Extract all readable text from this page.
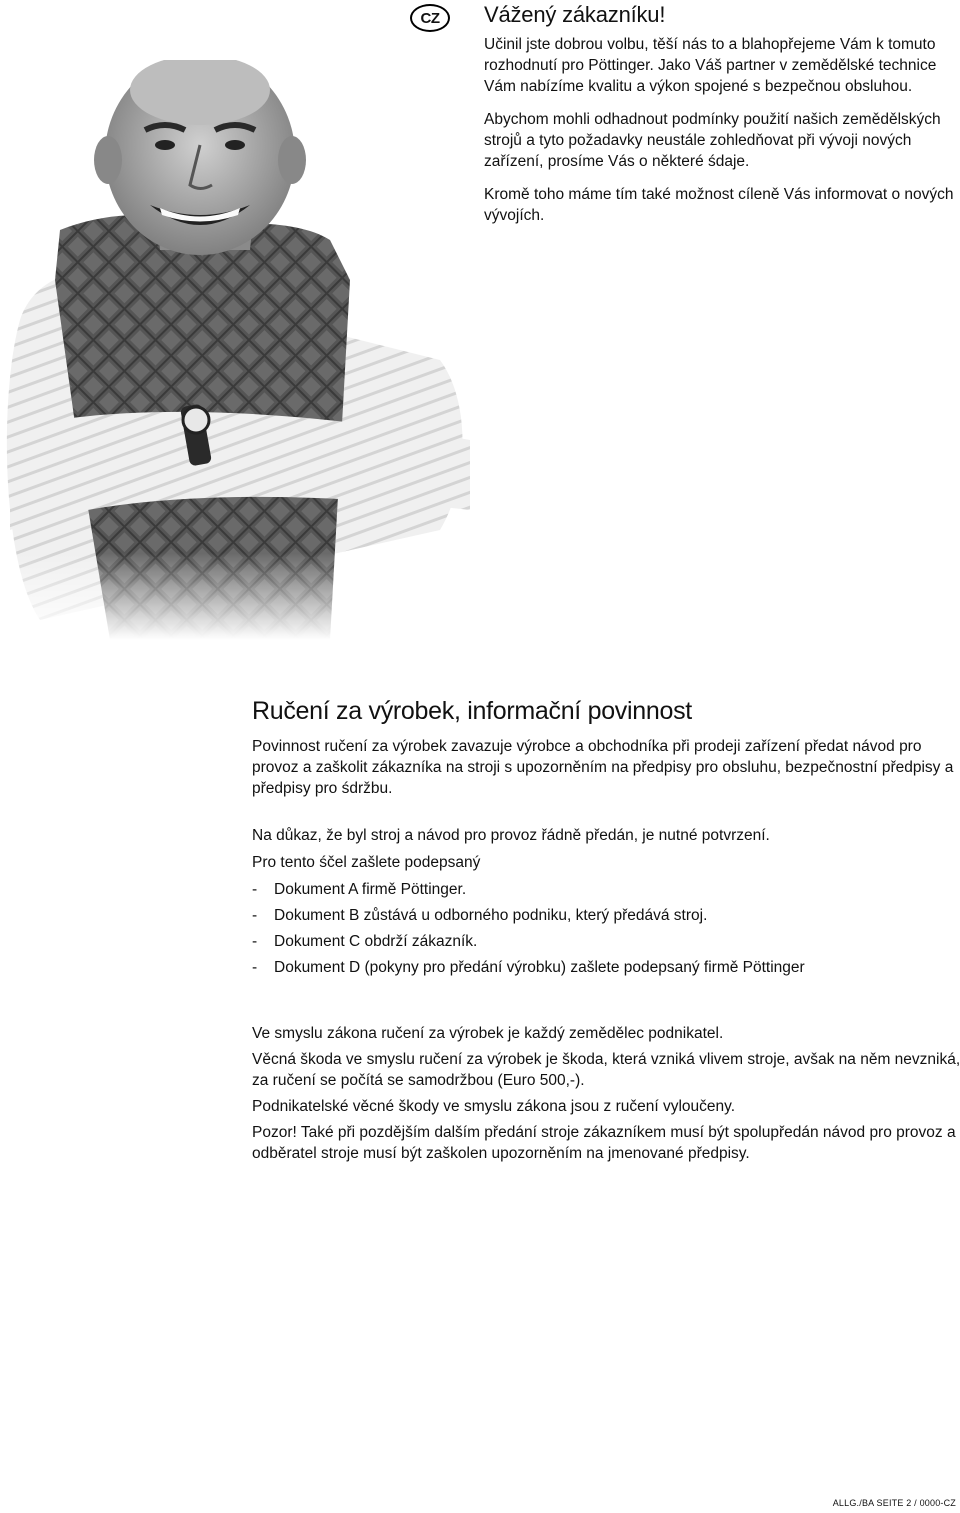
CZ	Vážený zákazníku!

Učinil jste dobrou volbu, těší nás to a blahopřejeme Vám k tomuto rozhodnutí pro Pöttinger. Jako Váš partner v zemědělské technice Vám nabízíme kvalitu a výkon spojené s bezpečnou obsluhou.

Abychom mohli odhadnout podmínky použití našich zemědělských strojů a tyto požadavky neustále zohledňovat při vývoji nových zařízení, prosíme Vás o některé śdaje.

Kromě toho máme tím také možnost cíleně Vás informovat o nových vývojích.

Ručení za výrobek, informační povinnost

Povinnost ručení za výrobek zavazuje výrobce a obchodníka při prodeji zařízení předat návod pro provoz a zaškolit zákazníka na stroji s upozorněním na předpisy pro obsluhu, bezpečnostní předpisy a předpisy pro śdržbu.

Na důkaz, že byl stroj a návod pro provoz řádně předán, je nutné potvrzení.

Pro tento śčel zašlete podepsaný

-	Dokument A firmě Pöttinger.
-	Dokument B zůstává u odborného podniku, který předává stroj.
-	Dokument C obdrží zákazník.
-	Dokument D (pokyny pro předání výrobku) zašlete podepsaný firmě Pöttinger

Ve smyslu zákona ručení za výrobek je každý zemědělec podnikatel.

Věcná škoda ve smyslu ručení za výrobek je škoda, která vzniká vlivem stroje, avšak na něm nevzniká, za ručení se počítá se samodržbou (Euro 500,-).

Podnikatelské věcné škody ve smyslu zákona jsou z ručení vyloučeny.

Pozor! Také při pozdějším dalším předání stroje zákazníkem musí být spolupředán návod pro provoz a odběratel stroje musí být zaškolen upozorněním na jmenované předpisy.

ALLG./BA SEITE 2 / 0000-CZ
